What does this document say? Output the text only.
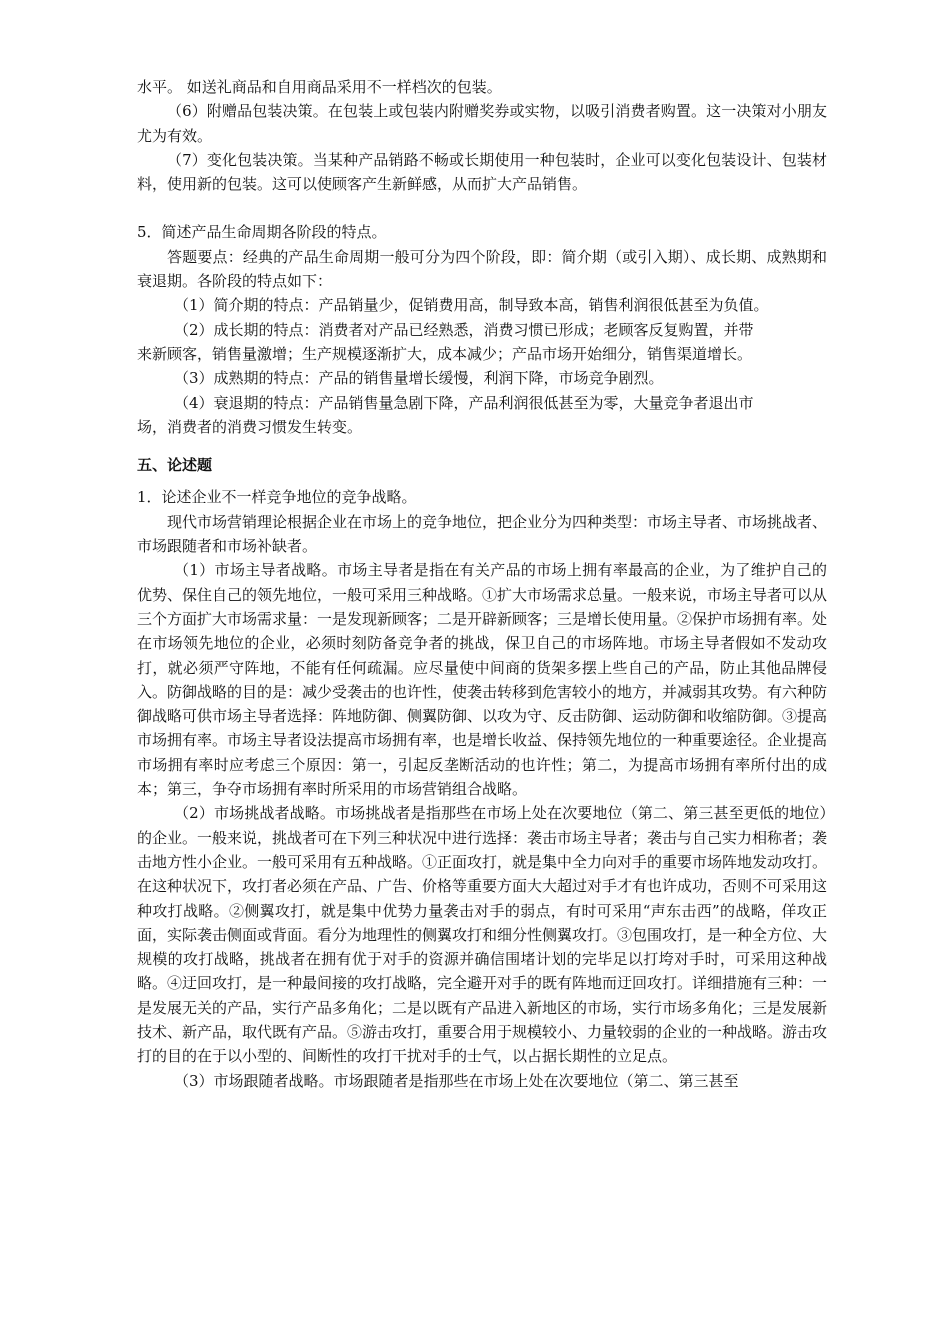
水平。 如送礼商品和自用商品采用不一样档次的包装。

（6）附赠品包装决策。在包装上或包装内附赠奖券或实物，以吸引消费者购置。这一决策对小朋友尤为有效。

（7）变化包装决策。当某种产品销路不畅或长期使用一种包装时，企业可以变化包装设计、包装材料，使用新的包装。这可以使顾客产生新鲜感，从而扩大产品销售。

5．简述产品生命周期各阶段的特点。

答题要点：经典的产品生命周期一般可分为四个阶段，即：简介期（或引入期）、成长期、成熟期和衰退期。各阶段的特点如下：

（1）简介期的特点：产品销量少，促销费用高，制导致本高，销售利润很低甚至为负值。

（2）成长期的特点：消费者对产品已经熟悉，消费习惯已形成；老顾客反复购置，并带

来新顾客，销售量激增；生产规模逐渐扩大，成本减少；产品市场开始细分，销售渠道增长。

（3）成熟期的特点：产品的销售量增长缓慢，利润下降，市场竞争剧烈。

（4）衰退期的特点：产品销售量急剧下降，产品利润很低甚至为零，大量竞争者退出市

场，消费者的消费习惯发生转变。

五、论述题

1．论述企业不一样竞争地位的竞争战略。

现代市场营销理论根据企业在市场上的竞争地位，把企业分为四种类型：市场主导者、市场挑战者、市场跟随者和市场补缺者。

（1）市场主导者战略。市场主导者是指在有关产品的市场上拥有率最高的企业，为了维护自己的优势、保住自己的领先地位，一般可采用三种战略。①扩大市场需求总量。一般来说，市场主导者可以从三个方面扩大市场需求量：一是发现新顾客；二是开辟新顾客；三是增长使用量。②保护市场拥有率。处在市场领先地位的企业，必须时刻防备竞争者的挑战，保卫自己的市场阵地。市场主导者假如不发动攻打，就必须严守阵地，不能有任何疏漏。应尽量使中间商的货架多摆上些自己的产品，防止其他品牌侵入。防御战略的目的是：减少受袭击的也许性，使袭击转移到危害较小的地方，并减弱其攻势。有六种防御战略可供市场主导者选择：阵地防御、侧翼防御、以攻为守、反击防御、运动防御和收缩防御。③提高市场拥有率。市场主导者设法提高市场拥有率，也是增长收益、保持领先地位的一种重要途径。企业提高市场拥有率时应考虑三个原因：第一，引起反垄断活动的也许性；第二，为提高市场拥有率所付出的成本；第三，争夺市场拥有率时所采用的市场营销组合战略。

（2）市场挑战者战略。市场挑战者是指那些在市场上处在次要地位（第二、第三甚至更低的地位）的企业。一般来说，挑战者可在下列三种状况中进行选择：袭击市场主导者；袭击与自己实力相称者；袭击地方性小企业。一般可采用有五种战略。①正面攻打，就是集中全力向对手的重要市场阵地发动攻打。在这种状况下，攻打者必须在产品、广告、价格等重要方面大大超过对手才有也许成功，否则不可采用这种攻打战略。②侧翼攻打，就是集中优势力量袭击对手的弱点，有时可采用“声东击西”的战略，佯攻正面，实际袭击侧面或背面。看分为地理性的侧翼攻打和细分性侧翼攻打。③包围攻打，是一种全方位、大规模的攻打战略，挑战者在拥有优于对手的资源并确信围堵计划的完毕足以打垮对手时，可采用这种战略。④迂回攻打，是一种最间接的攻打战略，完全避开对手的既有阵地而迂回攻打。详细措施有三种：一是发展无关的产品，实行产品多角化；二是以既有产品进入新地区的市场，实行市场多角化；三是发展新技术、新产品，取代既有产品。⑤游击攻打，重要合用于规模较小、力量较弱的企业的一种战略。游击攻打的目的在于以小型的、间断性的攻打干扰对手的士气，以占据长期性的立足点。

（3）市场跟随者战略。市场跟随者是指那些在市场上处在次要地位（第二、第三甚至
